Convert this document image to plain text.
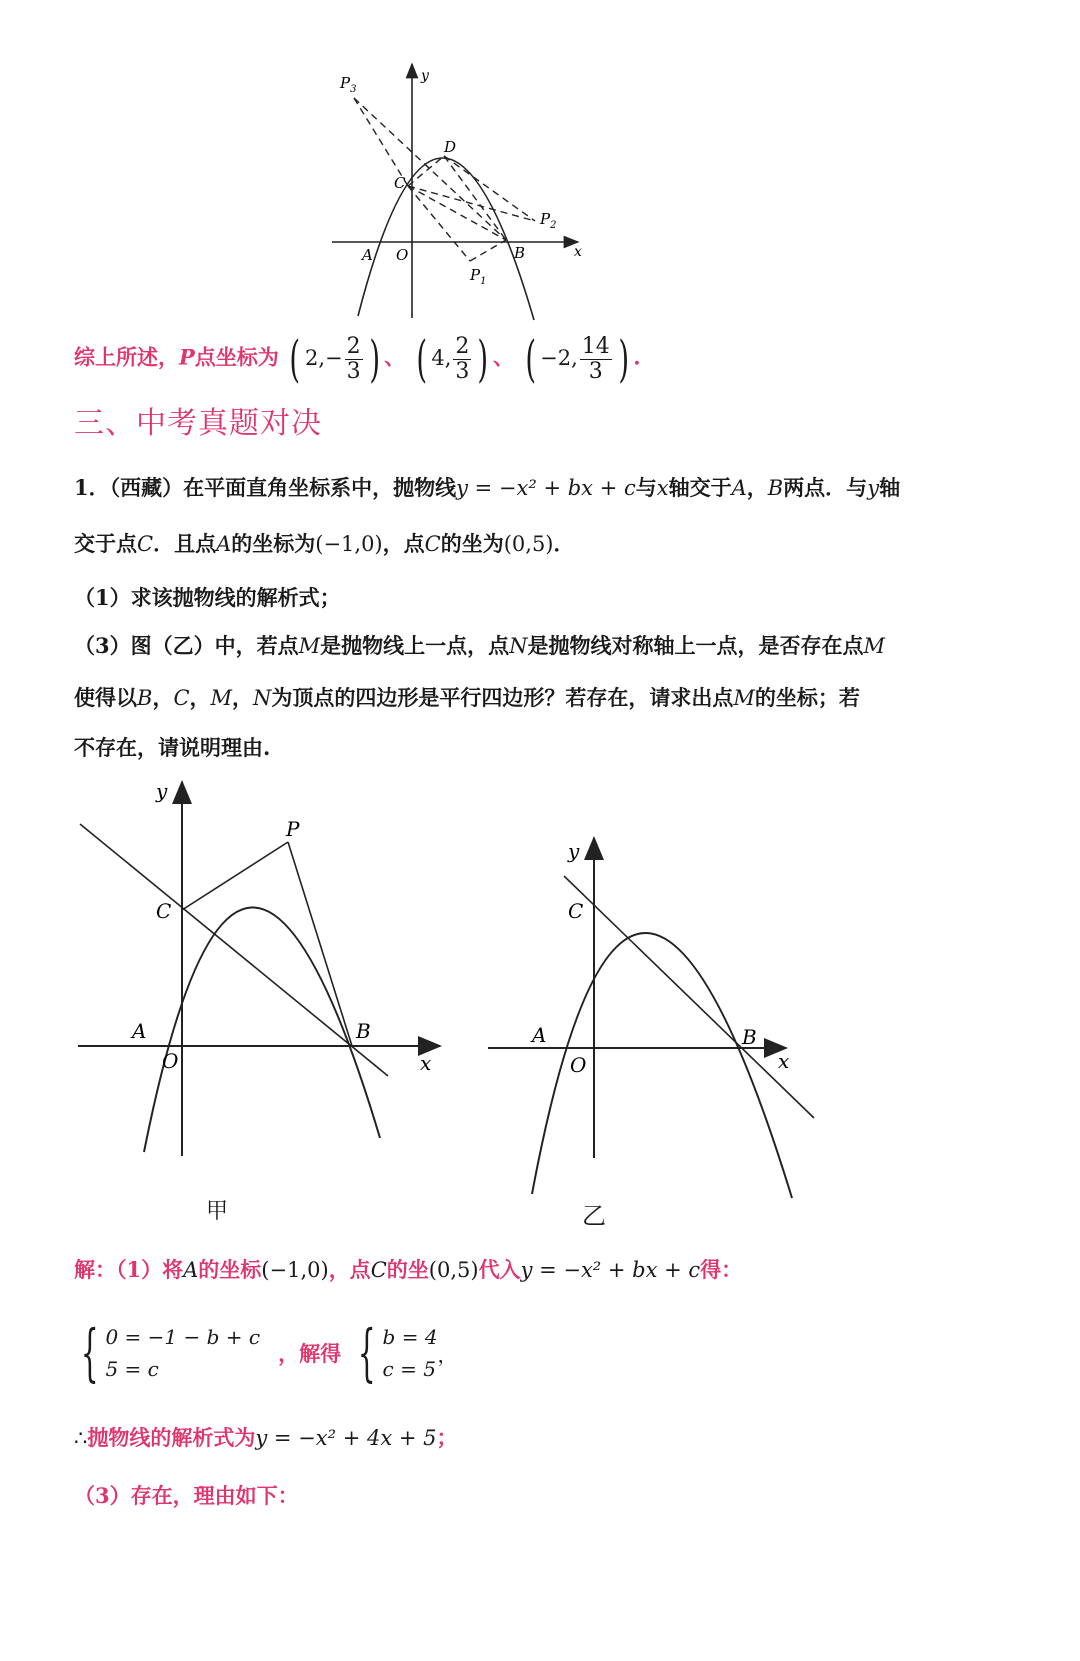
y
x
A O	B
C
D
$P_1$
$P_2$
$P_3$
综上所述，P点坐标为 ( $2,- \frac{2}{3}$ ) 、 ( 4, $\frac{2}{3}$ ) 、 ( −2, $\frac{14}{3}$ ) .
三、中考真题对决
1．（西藏）在平面直角坐标系中，抛物线y = −x² + bx + c与x轴交于A，B两点．与y轴
交于点C．且点A的坐标为(−1,0)，点C的坐为(0,5)．
（1）求该抛物线的解析式；
（3）图（乙）中，若点M是抛物线上一点，点N是抛物线对称轴上一点，是否存在点M
使得以B，C，M，N为顶点的四边形是平行四边形？若存在，请求出点M的坐标；若
不存在，请说明理由.
y
x
A
O
B
C
P
甲
y
x
A
O
B
C
乙
解：（1）将A的坐标(−1,0)，点C的坐(0,5)代入y = −x² + bx + c得：
{ 0 = −1 − b + c
5 = c
，解得 { b = 4
c = 5
，
∴抛物线的解析式为y = −x² + 4x + 5；
（3）存在，理由如下：
